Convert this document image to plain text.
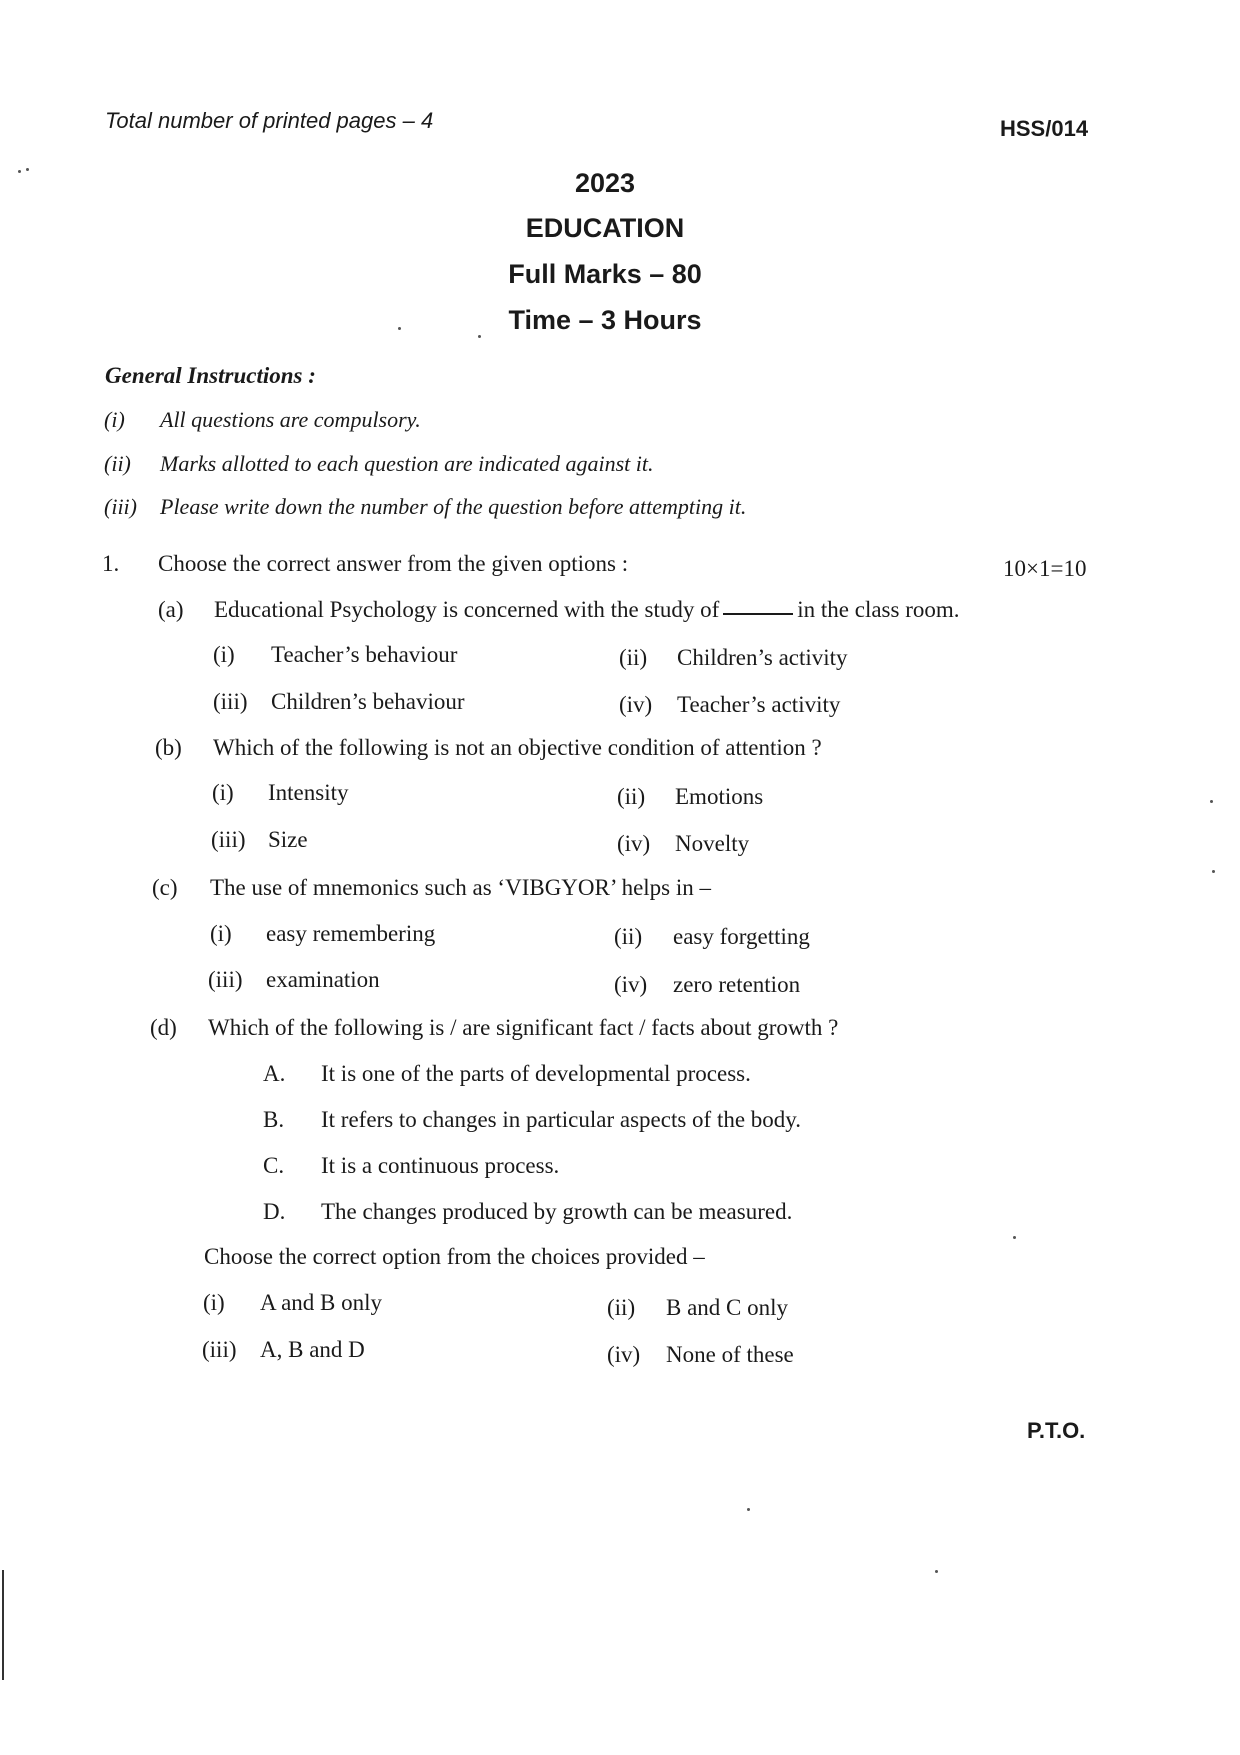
Total number of printed pages – 4	HSS/014
2023
EDUCATION
Full Marks – 80
Time – 3 Hours
General Instructions :
(i) All questions are compulsory.
(ii) Marks allotted to each question are indicated against it.
(iii) Please write down the number of the question before attempting it.
1. Choose the correct answer from the given options :	10×1=10
(a) Educational Psychology is concerned with the study of	in the class room.
(i) Teacher’s behaviour	(ii) Children’s activity
(iii) Children’s behaviour	(iv) Teacher’s activity
(b) Which of the following is not an objective condition of attention ?
(i) Intensity	(ii) Emotions
(iii) Size	(iv) Novelty
(c) The use of mnemonics such as ‘VIBGYOR’ helps in –
(i) easy remembering	(ii) easy forgetting
(iii) examination	(iv) zero retention
(d) Which of the following is / are significant fact / facts about growth ?
A. It is one of the parts of developmental process.
B. It refers to changes in particular aspects of the body.
C. It is a continuous process.
D. The changes produced by growth can be measured.
Choose the correct option from the choices provided –
(i) A and B only	(ii) B and C only
(iii) A, B and D	(iv) None of these
P.T.O.
